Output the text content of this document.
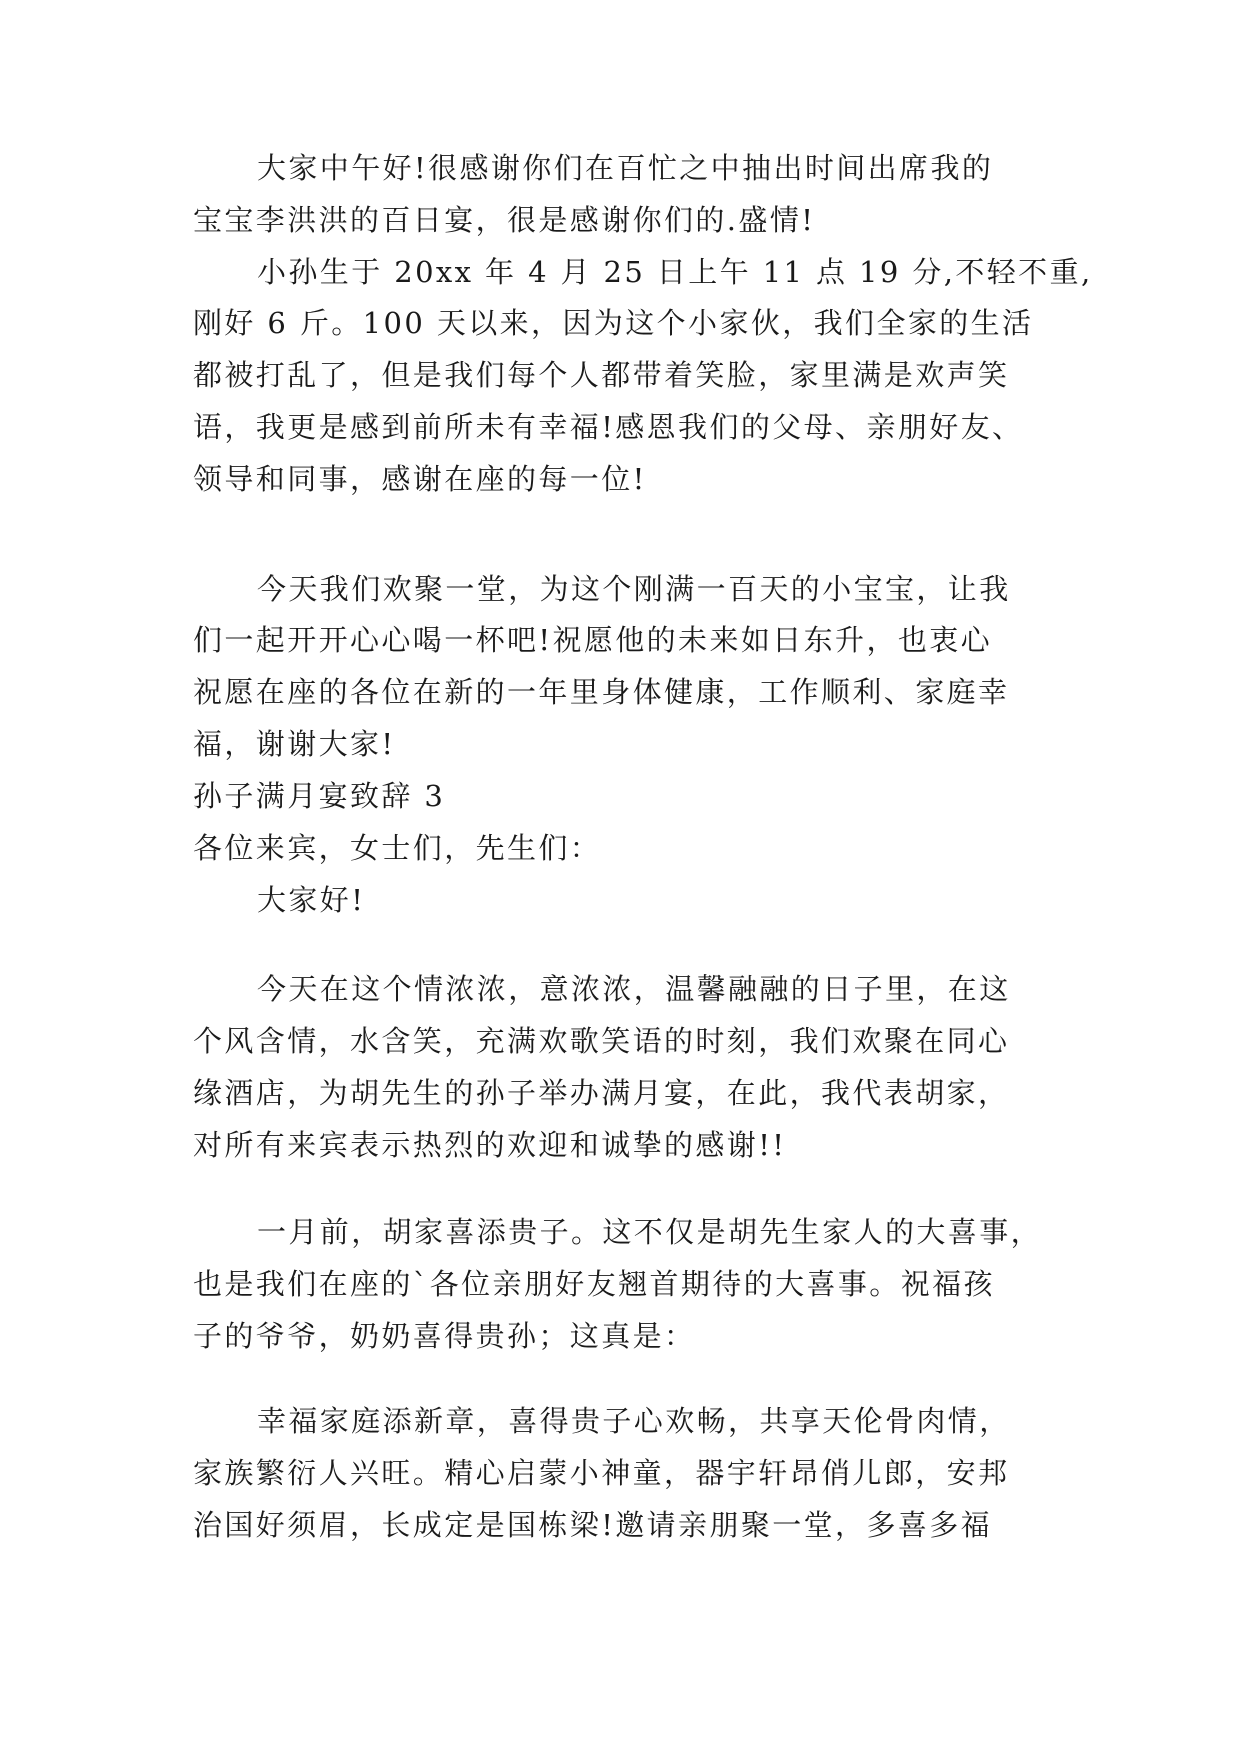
大家中午好!很感谢你们在百忙之中抽出时间出席我的
宝宝李洪洪的百日宴，很是感谢你们的.盛情!
小孙生于 20xx 年 4 月 25 日上午 11 点 19 分,不轻不重,
刚好 6 斤。100 天以来，因为这个小家伙，我们全家的生活
都被打乱了，但是我们每个人都带着笑脸，家里满是欢声笑
语，我更是感到前所未有幸福!感恩我们的父母、亲朋好友、
领导和同事，感谢在座的每一位!
今天我们欢聚一堂，为这个刚满一百天的小宝宝，让我
们一起开开心心喝一杯吧!祝愿他的未来如日东升，也衷心
祝愿在座的各位在新的一年里身体健康，工作顺利、家庭幸
福，谢谢大家!
孙子满月宴致辞 3
各位来宾，女士们，先生们：
大家好!
今天在这个情浓浓，意浓浓，温馨融融的日子里，在这
个风含情，水含笑，充满欢歌笑语的时刻，我们欢聚在同心
缘酒店，为胡先生的孙子举办满月宴，在此，我代表胡家，
对所有来宾表示热烈的欢迎和诚挚的感谢!!
一月前，胡家喜添贵子。这不仅是胡先生家人的大喜事，
也是我们在座的`各位亲朋好友翘首期待的大喜事。祝福孩
子的爷爷，奶奶喜得贵孙；这真是：
幸福家庭添新章，喜得贵子心欢畅，共享天伦骨肉情，
家族繁衍人兴旺。精心启蒙小神童，器宇轩昂俏儿郎，安邦
治国好须眉，长成定是国栋梁!邀请亲朋聚一堂，多喜多福
